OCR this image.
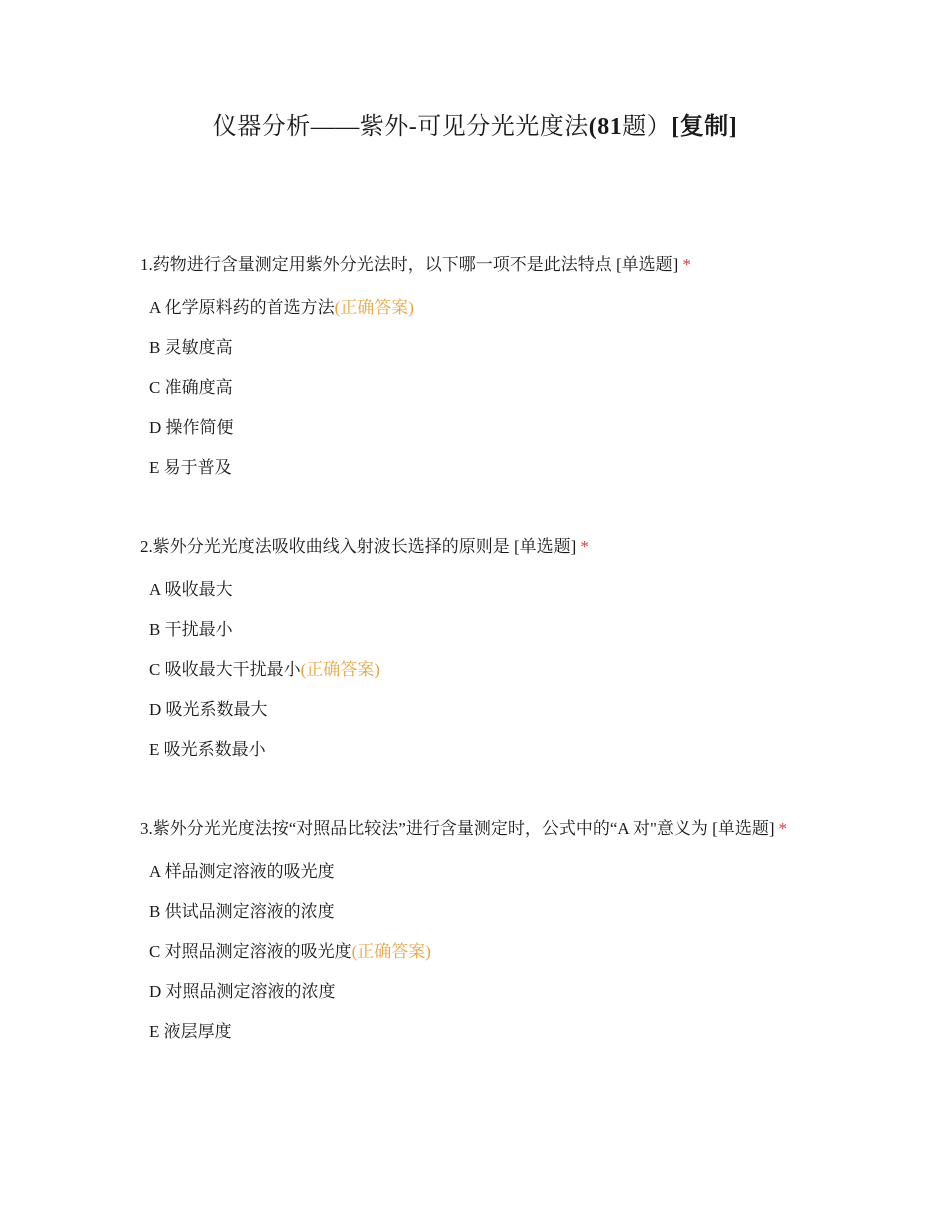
仪器分析——紫外-可见分光光度法(81题）[复制]
1.药物进行含量测定用紫外分光法时，以下哪一项不是此法特点 [单选题] *
A 化学原料药的首选方法(正确答案)
B 灵敏度高
C 准确度高
D 操作简便
E 易于普及
2.紫外分光光度法吸收曲线入射波长选择的原则是 [单选题] *
A 吸收最大
B 干扰最小
C 吸收最大干扰最小(正确答案)
D 吸光系数最大
E 吸光系数最小
3.紫外分光光度法按“对照品比较法”进行含量测定时，公式中的“A 对"意义为 [单选题] *
A 样品测定溶液的吸光度
B 供试品测定溶液的浓度
C 对照品测定溶液的吸光度(正确答案)
D 对照品测定溶液的浓度
E 液层厚度
